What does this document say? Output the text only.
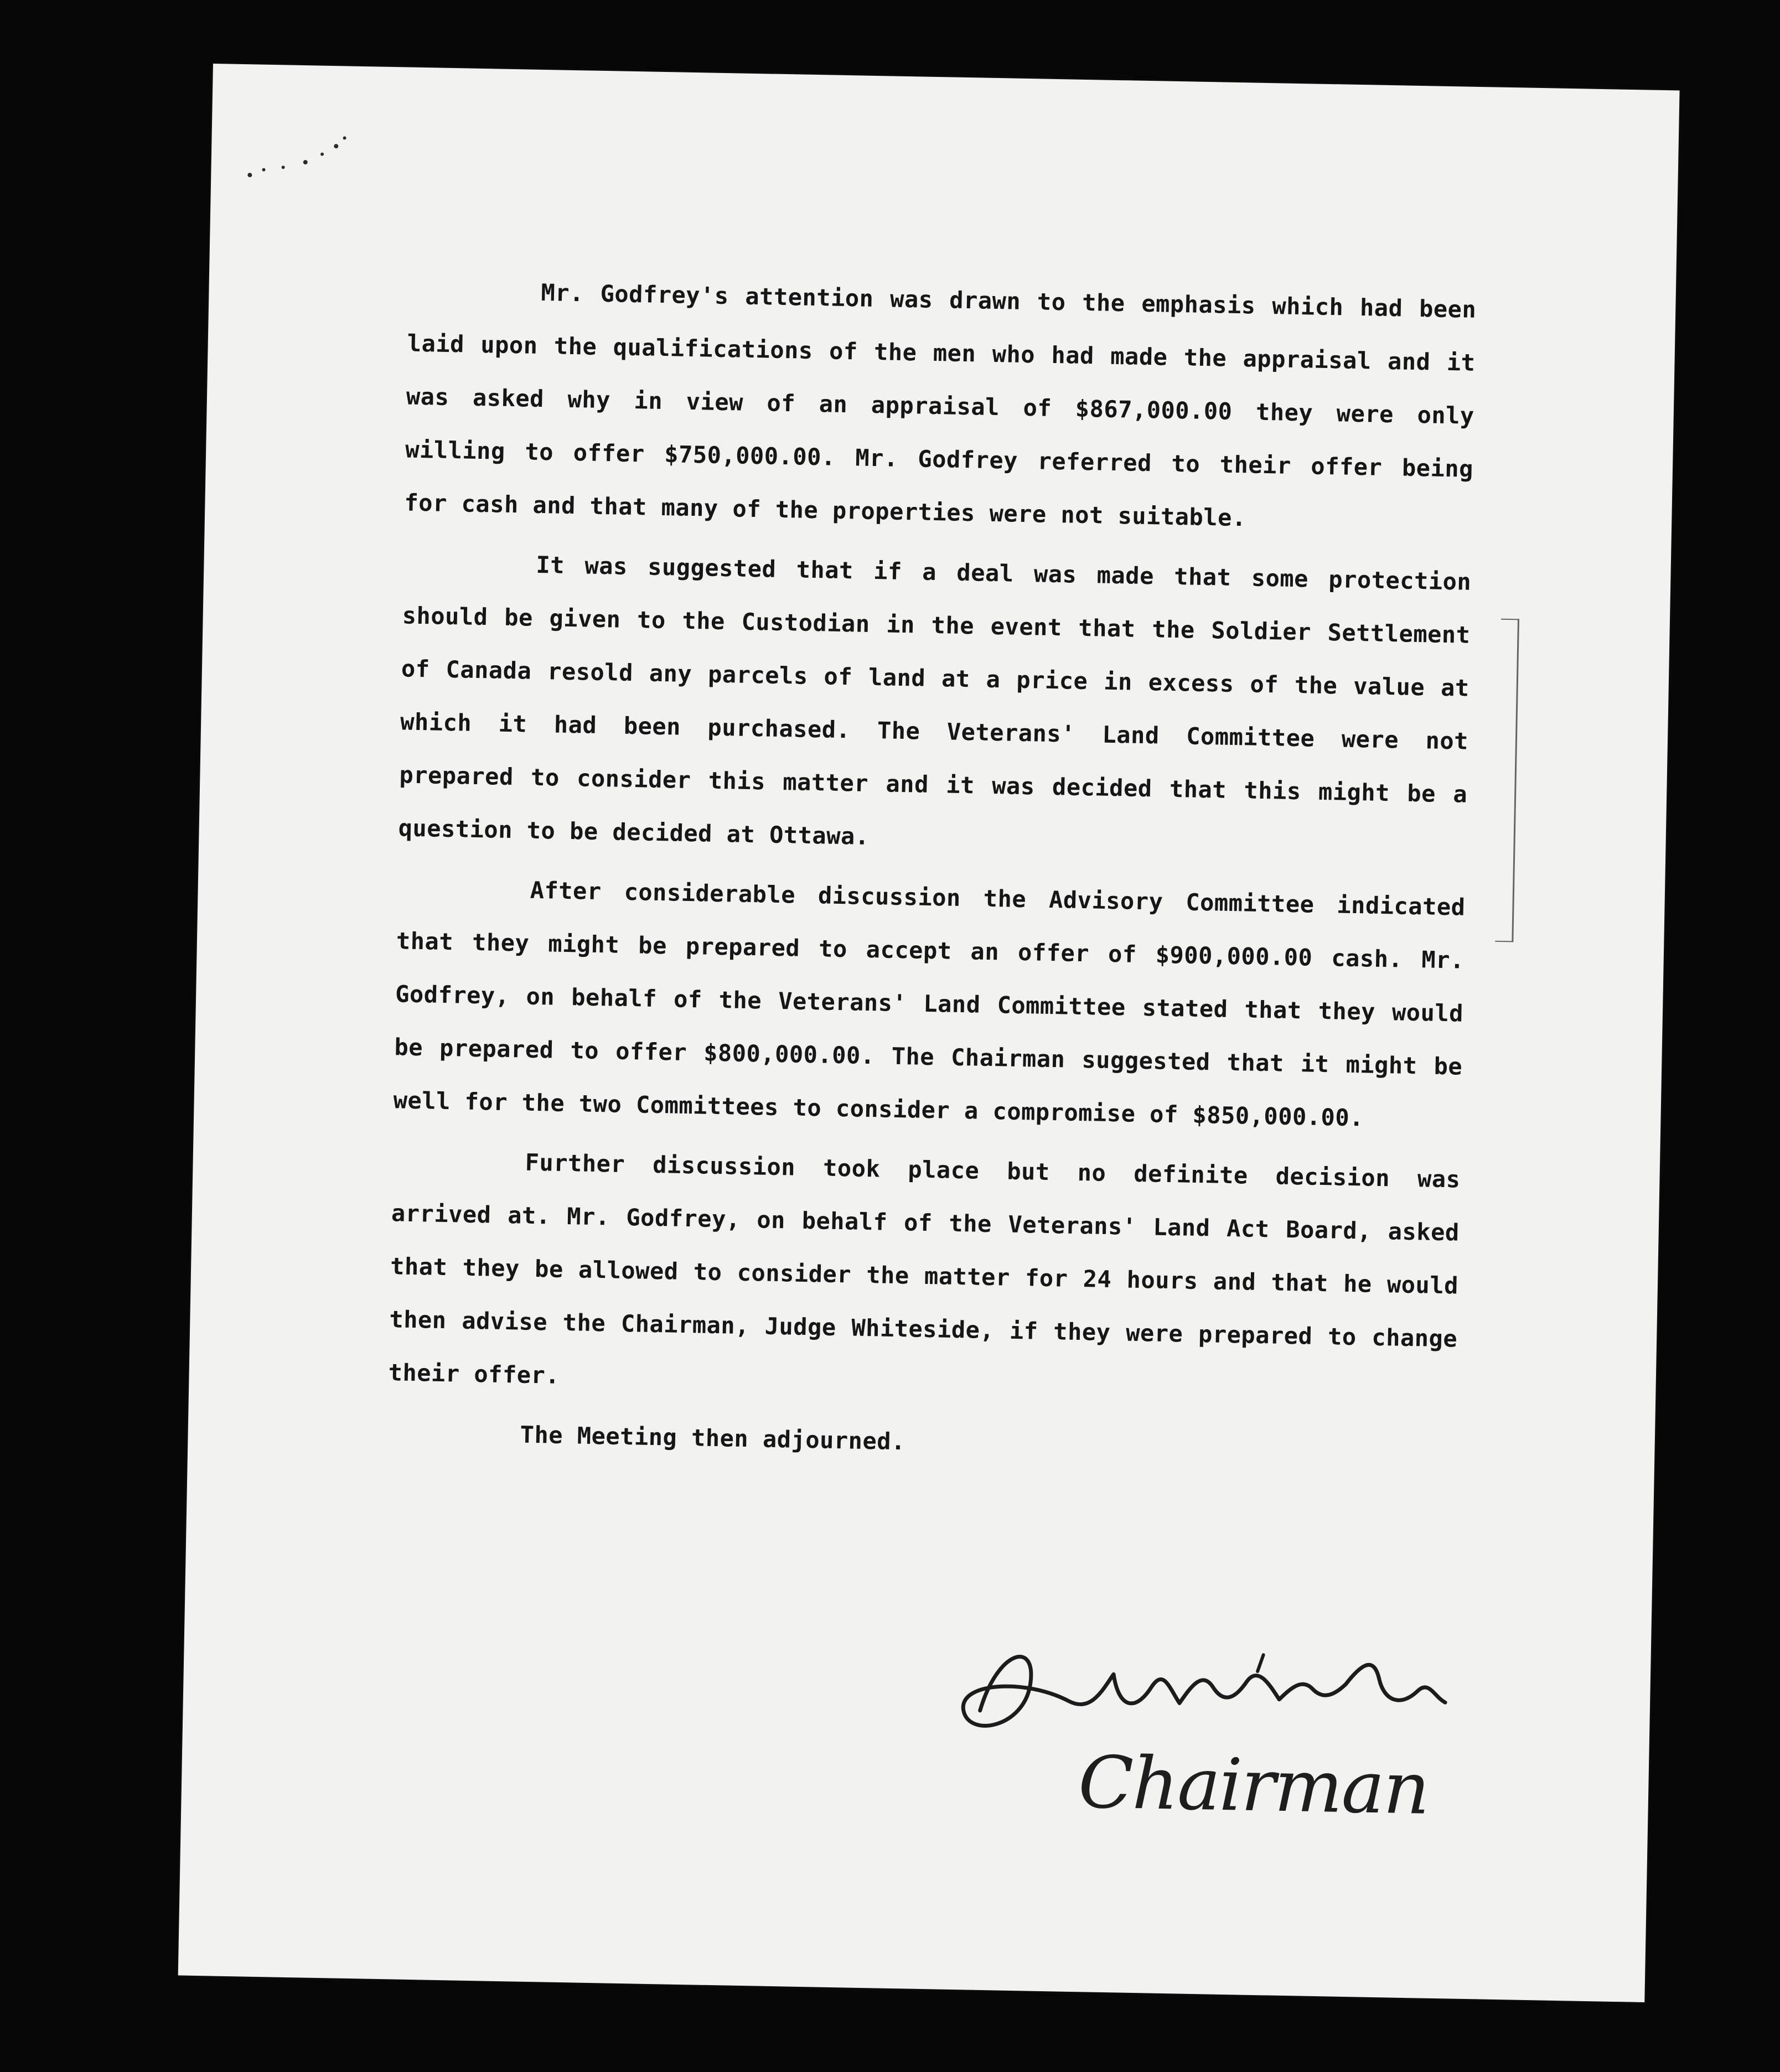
Mr. Godfrey's attention was drawn to the emphasis which had been laid upon the qualifications of the men who had made the appraisal and it was asked why in view of an appraisal of $867,000.00 they were only willing to offer $750,000.00. Mr. Godfrey referred to their offer being for cash and that many of the properties were not suitable.

It was suggested that if a deal was made that some protection should be given to the Custodian in the event that the Soldier Settlement of Canada resold any parcels of land at a price in excess of the value at which it had been purchased. The Veterans' Land Committee were not prepared to consider this matter and it was decided that this might be a question to be decided at Ottawa.

After considerable discussion the Advisory Committee indicated that they might be prepared to accept an offer of $900,000.00 cash. Mr. Godfrey, on behalf of the Veterans' Land Committee stated that they would be prepared to offer $800,000.00. The Chairman suggested that it might be well for the two Committees to consider a compromise of $850,000.00.

Further discussion took place but no definite decision was arrived at. Mr. Godfrey, on behalf of the Veterans' Land Act Board, asked that they be allowed to consider the matter for 24 hours and that he would then advise the Chairman, Judge Whiteside, if they were prepared to change their offer.

The Meeting then adjourned.

Chairman
